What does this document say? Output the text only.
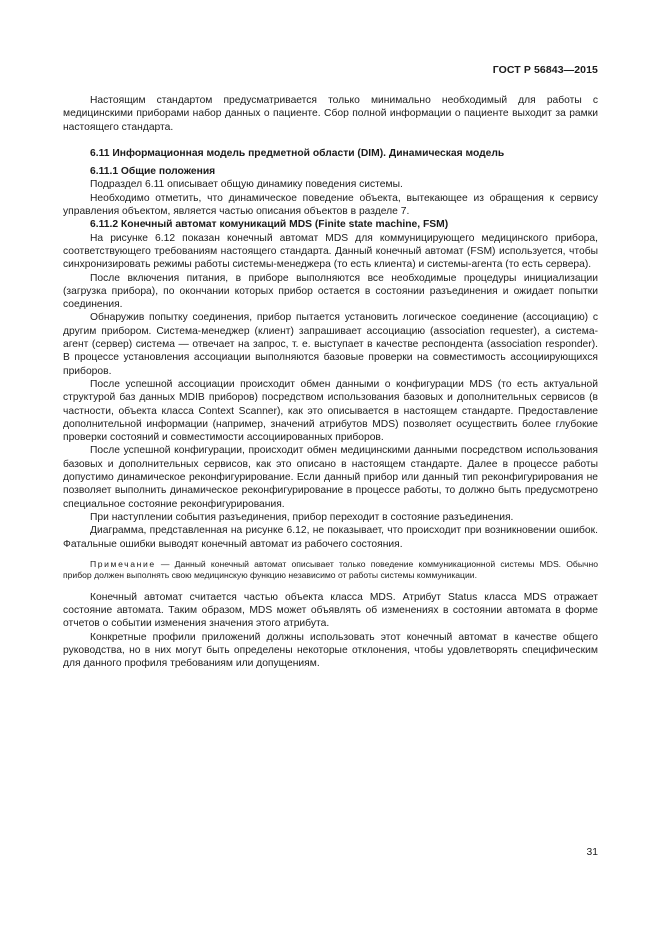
ГОСТ Р 56843—2015

Настоящим стандартом предусматривается только минимально необходимый для работы с медицинскими приборами набор данных о пациенте. Сбор полной информации о пациенте выходит за рамки настоящего стандарта.

6.11 Информационная модель предметной области (DIM). Динамическая модель

6.11.1 Общие положения

Подраздел 6.11 описывает общую динамику поведения системы.

Необходимо отметить, что динамическое поведение объекта, вытекающее из обращения к сервису управления объектом, является частью описания объектов в разделе 7.

6.11.2 Конечный автомат комуникаций MDS (Finite state machine, FSM)

На рисунке 6.12 показан конечный автомат MDS для коммуницирующего медицинского прибора, соответствующего требованиям настоящего стандарта. Данный конечный автомат (FSM) используется, чтобы синхронизировать режимы работы системы-менеджера (то есть клиента) и системы-агента (то есть сервера).

После включения питания, в приборе выполняются все необходимые процедуры инициализации (загрузка прибора), по окончании которых прибор остается в состоянии разъединения и ожидает попытки соединения.

Обнаружив попытку соединения, прибор пытается установить логическое соединение (ассоциацию) с другим прибором. Система-менеджер (клиент) запрашивает ассоциацию (association requester), а система-агент (сервер) система — отвечает на запрос, т. е. выступает в качестве респондента (association responder). В процессе установления ассоциации выполняются базовые проверки на совместимость ассоциирующихся приборов.

После успешной ассоциации происходит обмен данными о конфигурации MDS (то есть актуальной структурой баз данных MDIB приборов) посредством использования базовых и дополнительных сервисов (в частности, объекта класса Context Scanner), как это описывается в настоящем стандарте. Предоставление дополнительной информации (например, значений атрибутов MDS) позволяет осуществить более глубокие проверки состояний и совместимости ассоциированных приборов.

После успешной конфигурации, происходит обмен медицинскими данными посредством использования базовых и дополнительных сервисов, как это описано в настоящем стандарте. Далее в процессе работы допустимо динамическое реконфигурирование. Если данный прибор или данный тип реконфигурирования не позволяет выполнить динамическое реконфигурирование в процессе работы, то должно быть предусмотрено специальное состояние реконфигурирования.

При наступлении события разъединения, прибор переходит в состояние разъединения.

Диаграмма, представленная на рисунке 6.12, не показывает, что происходит при возникновении ошибок. Фатальные ошибки выводят конечный автомат из рабочего состояния.

Примечание — Данный конечный автомат описывает только поведение коммуникационной системы MDS. Обычно прибор должен выполнять свою медицинскую функцию независимо от работы системы коммуникации.

Конечный автомат считается частью объекта класса MDS. Атрибут Status класса MDS отражает состояние автомата. Таким образом, MDS может объявлять об изменениях в состоянии автомата в форме отчетов о событии изменения значения этого атрибута.

Конкретные профили приложений должны использовать этот конечный автомат в качестве общего руководства, но в них могут быть определены некоторые отклонения, чтобы удовлетворять специфическим для данного профиля требованиям или допущениям.

31
